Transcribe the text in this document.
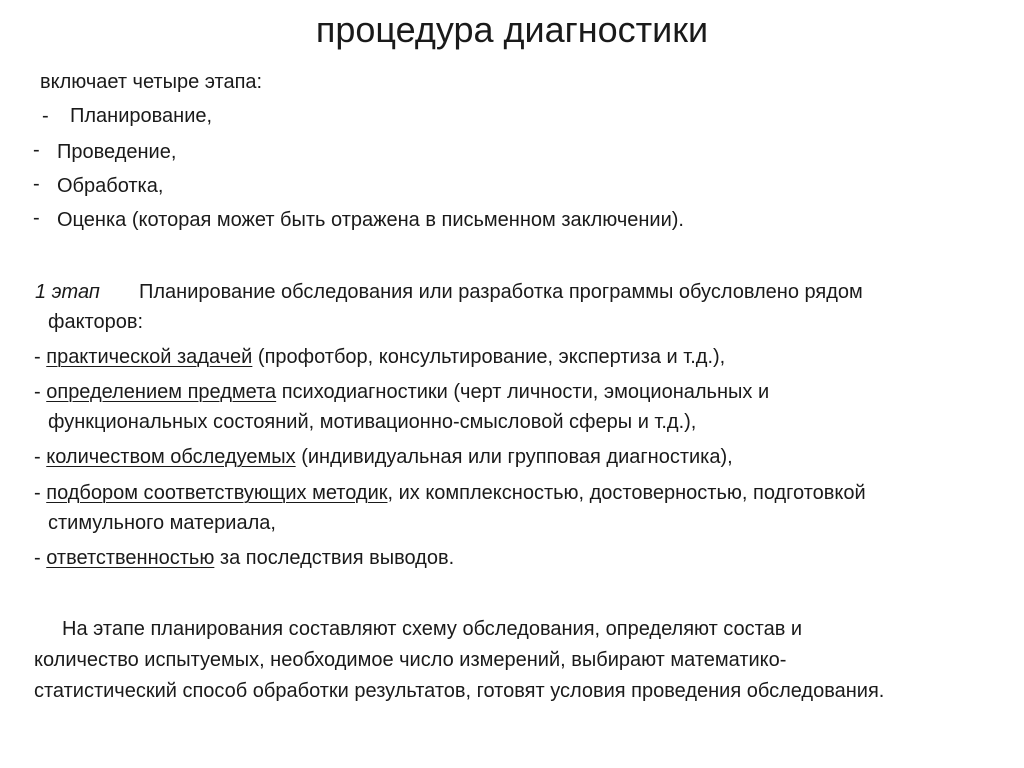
процедура диагностики
включает четыре этапа:
- Планирование,
- Проведение,
- Обработка,
- Оценка (которая может быть отражена в письменном заключении).
1 этап Планирование обследования или разработка программы обусловлено рядом
факторов:
- практической задачей (профотбор, консультирование, экспертиза и т.д.),
- определением предмета психодиагностики (черт личности, эмоциональных и
функциональных состояний, мотивационно-смысловой сферы и т.д.),
- количеством обследуемых (индивидуальная или групповая диагностика),
- подбором соответствующих методик, их комплексностью, достоверностью, подготовкой
стимульного материала,
- ответственностью за последствия выводов.
На этапе планирования составляют схему обследования, определяют состав и
количество испытуемых, необходимое число измерений, выбирают математико-
статистический способ обработки результатов, готовят условия проведения обследования.
